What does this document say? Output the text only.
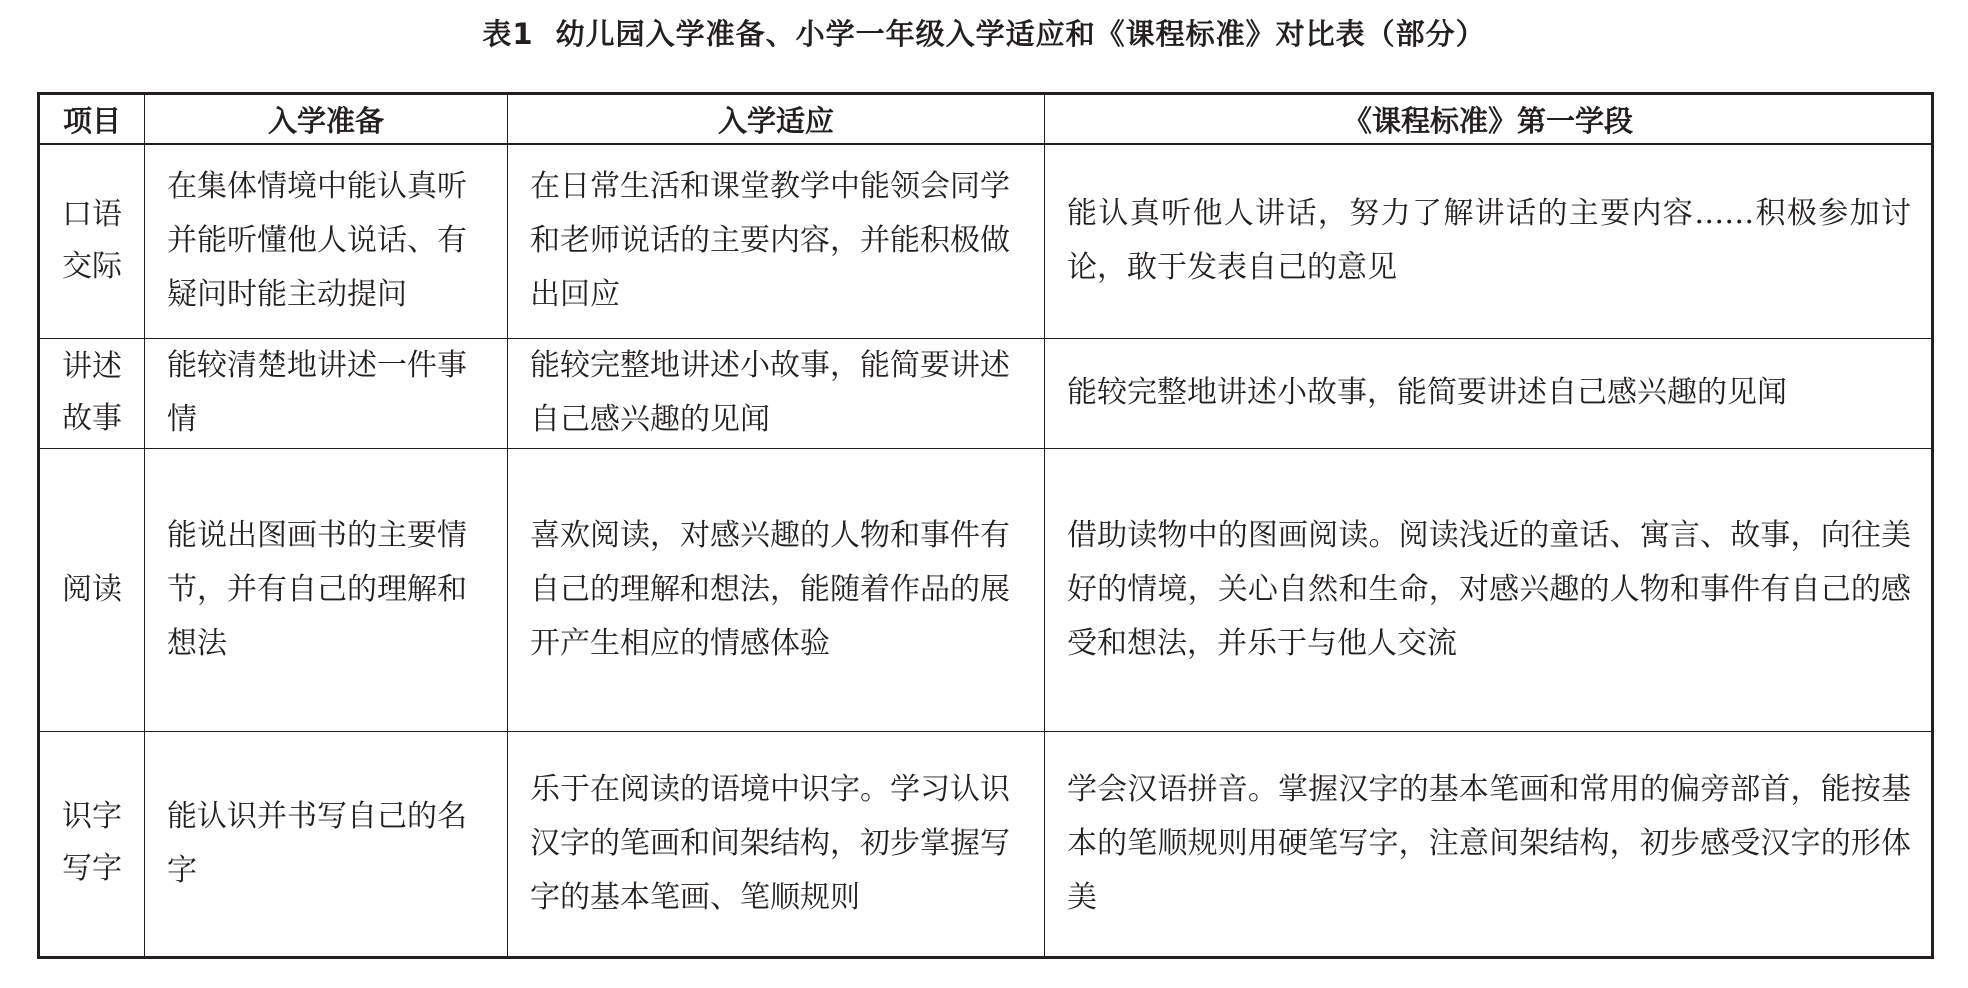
表1 幼儿园入学准备、小学一年级入学适应和《课程标准》对比表（部分）
项目	入学准备	入学适应	《课程标准》第一学段
口语交际	在集体情境中能认真听并能听懂他人说话、有疑问时能主动提问	在日常生活和课堂教学中能领会同学和老师说话的主要内容，并能积极做出回应	能认真听他人讲话，努力了解讲话的主要内容……积极参加讨论，敢于发表自己的意见
讲述故事	能较清楚地讲述一件事情	能较完整地讲述小故事，能简要讲述自己感兴趣的见闻	能较完整地讲述小故事，能简要讲述自己感兴趣的见闻
阅读	能说出图画书的主要情节，并有自己的理解和想法	喜欢阅读，对感兴趣的人物和事件有自己的理解和想法，能随着作品的展开产生相应的情感体验	借助读物中的图画阅读。阅读浅近的童话、寓言、故事，向往美好的情境，关心自然和生命，对感兴趣的人物和事件有自己的感受和想法，并乐于与他人交流
识字写字	能认识并书写自己的名字	乐于在阅读的语境中识字。学习认识汉字的笔画和间架结构，初步掌握写字的基本笔画、笔顺规则	学会汉语拼音。掌握汉字的基本笔画和常用的偏旁部首，能按基本的笔顺规则用硬笔写字，注意间架结构，初步感受汉字的形体美
